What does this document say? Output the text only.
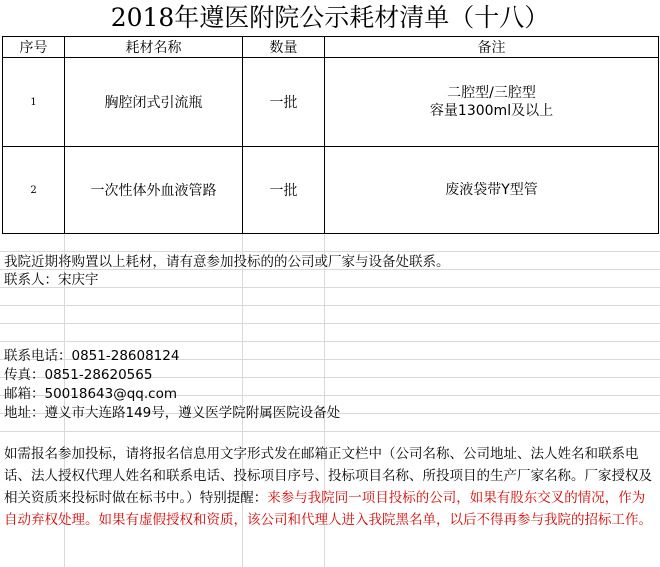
2018年遵医附院公示耗材清单（十八）
序号	耗材名称	数量	备注
1	胸腔闭式引流瓶	一批	二腔型/三腔型
容量1300ml及以上

2	一次性体外血液管路	一批	废液袋带Y型管
我院近期将购置以上耗材，请有意参加投标的的公司或厂家与设备处联系。
联系人：宋庆宇
联系电话：0851-28608124
传真：0851-28620565
邮箱：50018643@qq.com
地址：遵义市大连路149号，遵义医学院附属医院设备处
如需报名参加投标，请将报名信息用文字形式发在邮箱正文栏中（公司名称、公司地址、法人姓名和联系电话、法人授权代理人姓名和联系电话、投标项目序号、投标项目名称、所投项目的生产厂家名称。厂家授权及相关资质来投标时做在标书中。）特别提醒：来参与我院同一项目投标的公司，如果有股东交叉的情况，作为自动弃权处理。如果有虚假授权和资质，该公司和代理人进入我院黑名单，以后不得再参与我院的招标工作。
